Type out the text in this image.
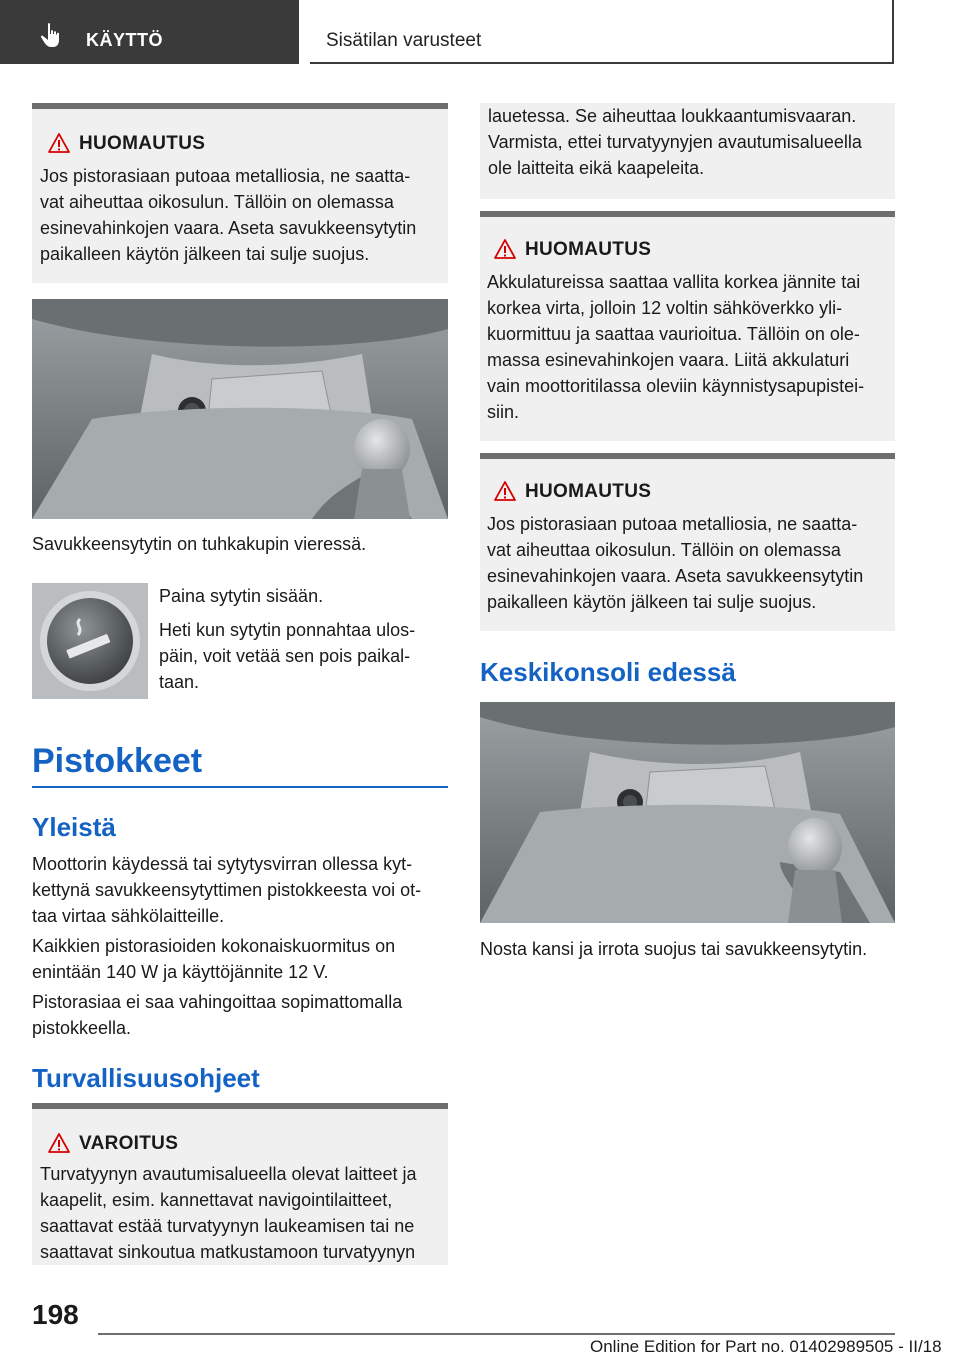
KÄYTTÖ	Sisätilan varusteet
HUOMAUTUS
Jos pistorasiaan putoaa metalliosia, ne saatta-
vat aiheuttaa oikosulun. Tällöin on olemassa
esinevahinkojen vaara. Aseta savukkeensytytin
paikalleen käytön jälkeen tai sulje suojus.
Savukkeensytytin on tuhkakupin vieressä.
Paina sytytin sisään.
Heti kun sytytin ponnahtaa ulos-
päin, voit vetää sen pois paikal-
taan.
Pistokkeet
Yleistä
Moottorin käydessä tai sytytysvirran ollessa kyt-
kettynä savukkeensytyttimen pistokkeesta voi ot-
taa virtaa sähkölaitteille.
Kaikkien pistorasioiden kokonaiskuormitus on
enintään 140 W ja käyttöjännite 12 V.
Pistorasiaa ei saa vahingoittaa sopimattomalla
pistokkeella.
Turvallisuusohjeet
VAROITUS
Turvatyynyn avautumisalueella olevat laitteet ja
kaapelit, esim. kannettavat navigointilaitteet,
saattavat estää turvatyynyn laukeamisen tai ne
saattavat sinkoutua matkustamoon turvatyynyn
lauetessa. Se aiheuttaa loukkaantumisvaaran.
Varmista, ettei turvatyynyjen avautumisalueella
ole laitteita eikä kaapeleita.
HUOMAUTUS
Akkulatureissa saattaa vallita korkea jännite tai
korkea virta, jolloin 12 voltin sähköverkko yli-
kuormittuu ja saattaa vaurioitua. Tällöin on ole-
massa esinevahinkojen vaara. Liitä akkulaturi
vain moottoritilassa oleviin käynnistysapupistei-
siin.
HUOMAUTUS
Jos pistorasiaan putoaa metalliosia, ne saatta-
vat aiheuttaa oikosulun. Tällöin on olemassa
esinevahinkojen vaara. Aseta savukkeensytytin
paikalleen käytön jälkeen tai sulje suojus.
Keskikonsoli edessä
Nosta kansi ja irrota suojus tai savukkeensytytin.
198
Online Edition for Part no. 01402989505 - II/18
